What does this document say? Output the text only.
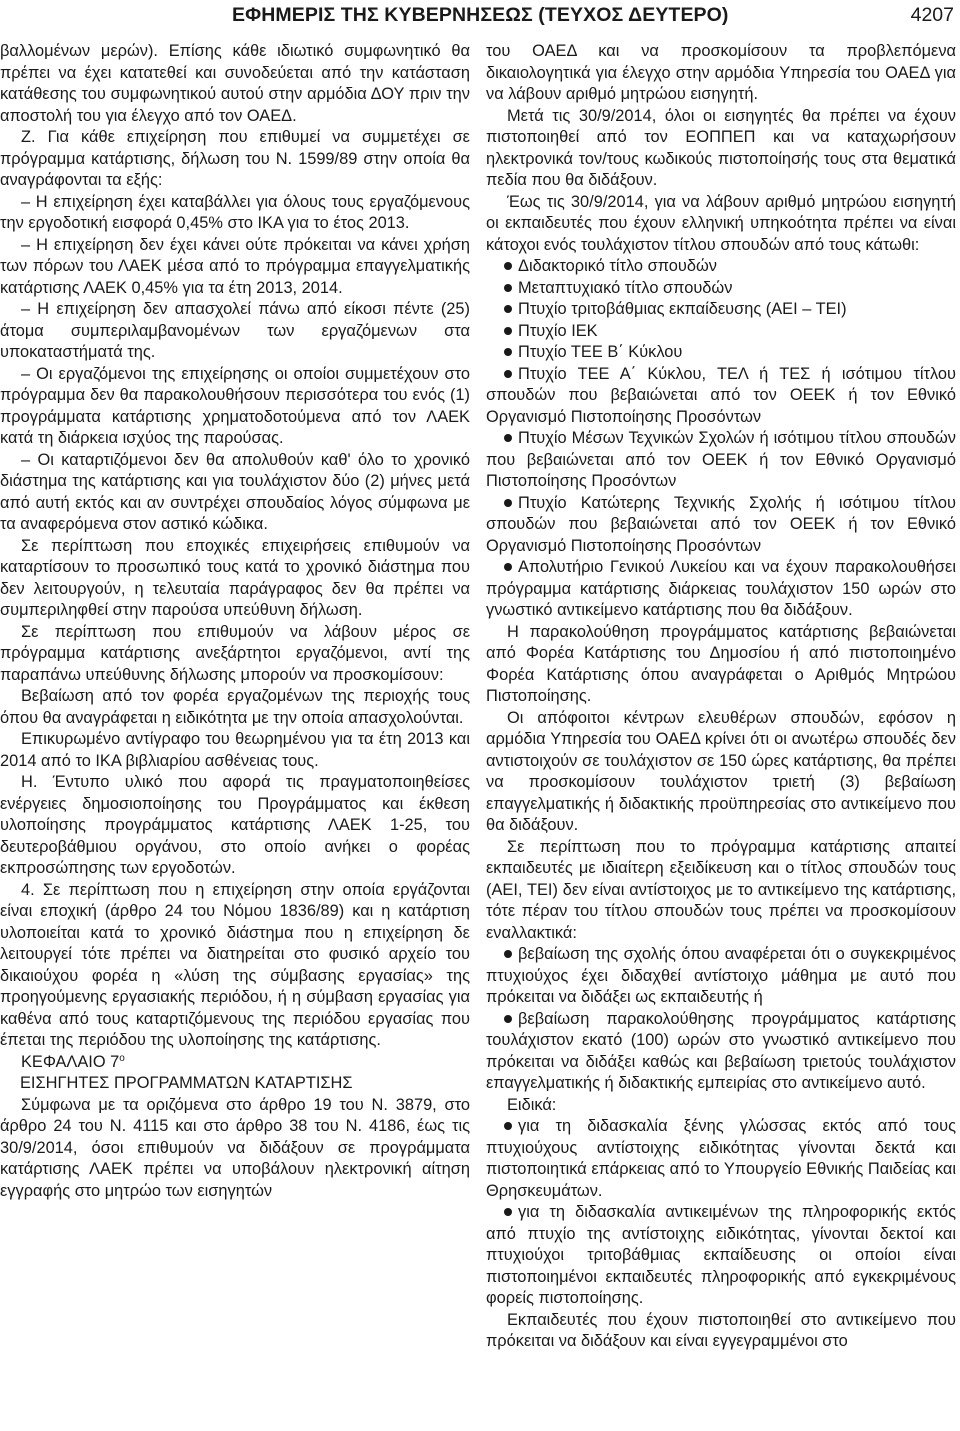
ΕΦΗΜΕΡΙΣ ΤΗΣ ΚΥΒΕΡΝΗΣΕΩΣ (ΤΕΥΧΟΣ ΔΕΥΤΕΡΟ)	4207

βαλλομένων μερών). Επίσης κάθε ιδιωτικό συμφωνητικό θα πρέπει να έχει κατατεθεί και συνοδεύεται από την κατάσταση κατάθεσης του συμφωνητικού αυτού στην αρμόδια ΔΟΥ πριν την αποστολή του για έλεγχο από τον ΟΑΕΔ.

Ζ. Για κάθε επιχείρηση που επιθυμεί να συμμετέχει σε πρόγραμμα κατάρτισης, δήλωση του Ν. 1599/89 στην οποία θα αναγράφονται τα εξής:

– Η επιχείρηση έχει καταβάλλει για όλους τους εργαζόμενους την εργοδοτική εισφορά 0,45% στο ΙΚΑ για το έτος 2013.

– Η επιχείρηση δεν έχει κάνει ούτε πρόκειται να κάνει χρήση των πόρων του ΛΑΕΚ μέσα από το πρόγραμμα επαγγελματικής κατάρτισης ΛΑΕΚ 0,45% για τα έτη 2013, 2014.

– Η επιχείρηση δεν απασχολεί πάνω από είκοσι πέντε (25) άτομα συμπεριλαμβανομένων των εργαζόμενων στα υποκαταστήματά της.

– Οι εργαζόμενοι της επιχείρησης οι οποίοι συμμετέχουν στο πρόγραμμα δεν θα παρακολουθήσουν περισσότερα του ενός (1) προγράμματα κατάρτισης χρηματοδοτούμενα από τον ΛΑΕΚ κατά τη διάρκεια ισχύος της παρούσας.

– Οι καταρτιζόμενοι δεν θα απολυθούν καθ' όλο το χρονικό διάστημα της κατάρτισης και για τουλάχιστον δύο (2) μήνες μετά από αυτή εκτός και αν συντρέχει σπουδαίος λόγος σύμφωνα με τα αναφερόμενα στον αστικό κώδικα.

Σε περίπτωση που εποχικές επιχειρήσεις επιθυμούν να καταρτίσουν το προσωπικό τους κατά το χρονικό διάστημα που δεν λειτουργούν, η τελευταία παράγραφος δεν θα πρέπει να συμπεριληφθεί στην παρούσα υπεύθυνη δήλωση.

Σε περίπτωση που επιθυμούν να λάβουν μέρος σε πρόγραμμα κατάρτισης ανεξάρτητοι εργαζόμενοι, αντί της παραπάνω υπεύθυνης δήλωσης μπορούν να προσκομίσουν:

Βεβαίωση από τον φορέα εργαζομένων της περιοχής τους όπου θα αναγράφεται η ειδικότητα με την οποία απασχολούνται.

Επικυρωμένο αντίγραφο του θεωρημένου για τα έτη 2013 και 2014 από το ΙΚΑ βιβλιαρίου ασθένειας τους.

Η. Έντυπο υλικό που αφορά τις πραγματοποιηθείσες ενέργειες δημοσιοποίησης του Προγράμματος και έκθεση υλοποίησης προγράμματος κατάρτισης ΛΑΕΚ 1-25, του δευτεροβάθμιου οργάνου, στο οποίο ανήκει ο φορέας εκπροσώπησης των εργοδοτών.

4. Σε περίπτωση που η επιχείρηση στην οποία εργάζονται είναι εποχική (άρθρο 24 του Νόμου 1836/89) και η κατάρτιση υλοποιείται κατά το χρονικό διάστημα που η επιχείρηση δε λειτουργεί τότε πρέπει να διατηρείται στο φυσικό αρχείο του δικαιούχου φορέα η «λύση της σύμβασης εργασίας» της προηγούμενης εργασιακής περιόδου, ή η σύμβαση εργασίας για καθένα από τους καταρτιζόμενους της περιόδου εργασίας που έπεται της περιόδου της υλοποίησης της κατάρτισης.

ΚΕΦΑΛΑΙΟ $7^o$

ΕΙΣΗΓΗΤΕΣ ΠΡΟΓΡΑΜΜΑΤΩΝ ΚΑΤΑΡΤΙΣΗΣ

Σύμφωνα με τα οριζόμενα στο άρθρο 19 του Ν. 3879, στο άρθρο 24 του Ν. 4115 και στο άρθρο 38 του Ν. 4186, έως τις 30/9/2014, όσοι επιθυμούν να διδάξουν σε προγράμματα κατάρτισης ΛΑΕΚ πρέπει να υποβάλουν ηλεκτρονική αίτηση εγγραφής στο μητρώο των εισηγητών

του ΟΑΕΔ και να προσκομίσουν τα προβλεπόμενα δικαιολογητικά για έλεγχο στην αρμόδια Υπηρεσία του ΟΑΕΔ για να λάβουν αριθμό μητρώου εισηγητή.

Μετά τις 30/9/2014, όλοι οι εισηγητές θα πρέπει να έχουν πιστοποιηθεί από τον ΕΟΠΠΕΠ και να καταχωρήσουν ηλεκτρονικά τον/τους κωδικούς πιστοποίησής τους στα θεματικά πεδία που θα διδάξουν.

Έως τις 30/9/2014, για να λάβουν αριθμό μητρώου εισηγητή οι εκπαιδευτές που έχουν ελληνική υπηκοότητα πρέπει να είναι κάτοχοι ενός τουλάχιστον τίτλου σπουδών από τους κάτωθι:

Διδακτορικό τίτλο σπουδών

Μεταπτυχιακό τίτλο σπουδών

Πτυχίο τριτοβάθμιας εκπαίδευσης (ΑΕΙ – ΤΕΙ)

Πτυχίο ΙΕΚ

Πτυχίο ΤΕΕ Β΄ Κύκλου

Πτυχίο ΤΕΕ Α΄ Κύκλου, ΤΕΛ ή ΤΕΣ ή ισότιμου τίτλου σπουδών που βεβαιώνεται από τον ΟΕΕΚ ή τον Εθνικό Οργανισμό Πιστοποίησης Προσόντων

Πτυχίο Μέσων Τεχνικών Σχολών ή ισότιμου τίτλου σπουδών που βεβαιώνεται από τον ΟΕΕΚ ή τον Εθνικό Οργανισμό Πιστοποίησης Προσόντων

Πτυχίο Κατώτερης Τεχνικής Σχολής ή ισότιμου τίτλου σπουδών που βεβαιώνεται από τον ΟΕΕΚ ή τον Εθνικό Οργανισμό Πιστοποίησης Προσόντων

Απολυτήριο Γενικού Λυκείου και να έχουν παρακολουθήσει πρόγραμμα κατάρτισης διάρκειας τουλάχιστον 150 ωρών στο γνωστικό αντικείμενο κατάρτισης που θα διδάξουν.

Η παρακολούθηση προγράμματος κατάρτισης βεβαιώνεται από Φορέα Κατάρτισης του Δημοσίου ή από πιστοποιημένο Φορέα Κατάρτισης όπου αναγράφεται ο Αριθμός Μητρώου Πιστοποίησης.

Οι απόφοιτοι κέντρων ελευθέρων σπουδών, εφόσον η αρμόδια Υπηρεσία του ΟΑΕΔ κρίνει ότι οι ανωτέρω σπουδές δεν αντιστοιχούν σε τουλάχιστον σε 150 ώρες κατάρτισης, θα πρέπει να προσκομίσουν τουλάχιστον τριετή (3) βεβαίωση επαγγελματικής ή διδακτικής προϋπηρεσίας στο αντικείμενο που θα διδάξουν.

Σε περίπτωση που το πρόγραμμα κατάρτισης απαιτεί εκπαιδευτές με ιδιαίτερη εξειδίκευση και ο τίτλος σπουδών τους (ΑΕΙ, ΤΕΙ) δεν είναι αντίστοιχος με το αντικείμενο της κατάρτισης, τότε πέραν του τίτλου σπουδών τους πρέπει να προσκομίσουν εναλλακτικά:

βεβαίωση της σχολής όπου αναφέρεται ότι ο συγκεκριμένος πτυχιούχος έχει διδαχθεί αντίστοιχο μάθημα με αυτό που πρόκειται να διδάξει ως εκπαιδευτής ή

βεβαίωση παρακολούθησης προγράμματος κατάρτισης τουλάχιστον εκατό (100) ωρών στο γνωστικό αντικείμενο που πρόκειται να διδάξει καθώς και βεβαίωση τριετούς τουλάχιστον επαγγελματικής ή διδακτικής εμπειρίας στο αντικείμενο αυτό.

Ειδικά:

για τη διδασκαλία ξένης γλώσσας εκτός από τους πτυχιούχους αντίστοιχης ειδικότητας γίνονται δεκτά και πιστοποιητικά επάρκειας από το Υπουργείο Εθνικής Παιδείας και Θρησκευμάτων.

για τη διδασκαλία αντικειμένων της πληροφορικής εκτός από πτυχίο της αντίστοιχης ειδικότητας, γίνονται δεκτοί και πτυχιούχοι τριτοβάθμιας εκπαίδευσης οι οποίοι είναι πιστοποιημένοι εκπαιδευτές πληροφορικής από εγκεκριμένους φορείς πιστοποίησης.

Εκπαιδευτές που έχουν πιστοποιηθεί στο αντικείμενο που πρόκειται να διδάξουν και είναι εγγεγραμμένοι στο
